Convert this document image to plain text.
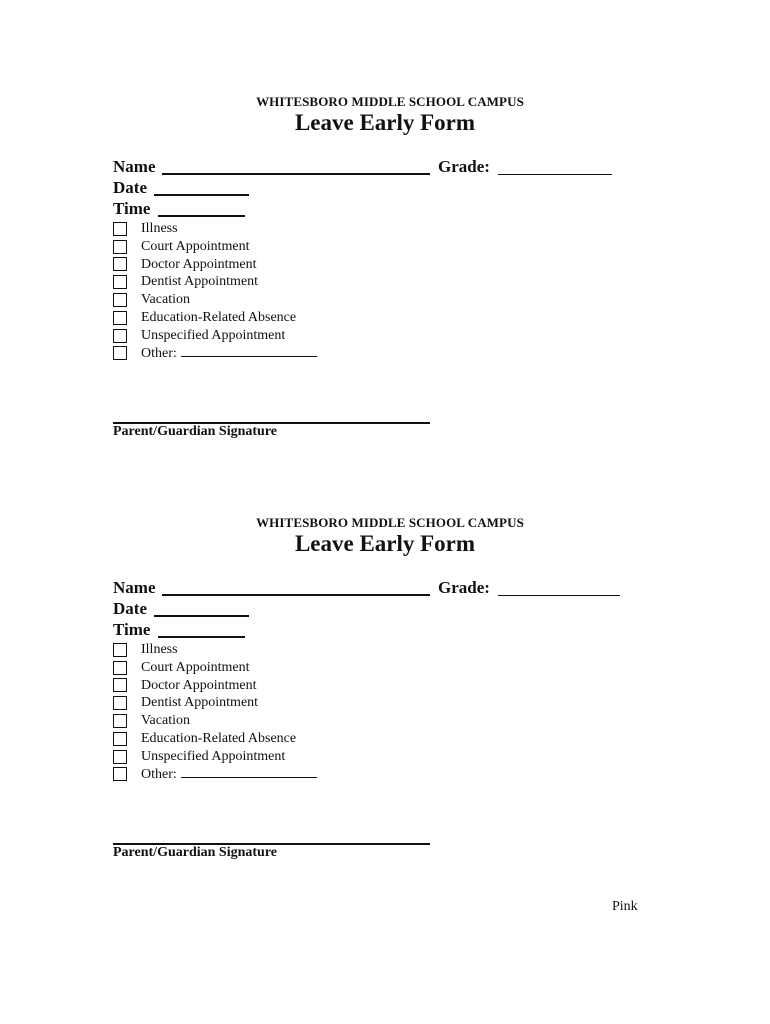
WHITESBORO MIDDLE SCHOOL CAMPUS
Leave Early Form
Name	Grade:
Date
Time
Illness
Court Appointment
Doctor Appointment
Dentist Appointment
Vacation
Education-Related Absence
Unspecified Appointment
Other:
Parent/Guardian Signature
WHITESBORO MIDDLE SCHOOL CAMPUS
Leave Early Form
Name	Grade:
Date
Time
Illness
Court Appointment
Doctor Appointment
Dentist Appointment
Vacation
Education-Related Absence
Unspecified Appointment
Other:
Parent/Guardian Signature
Pink
